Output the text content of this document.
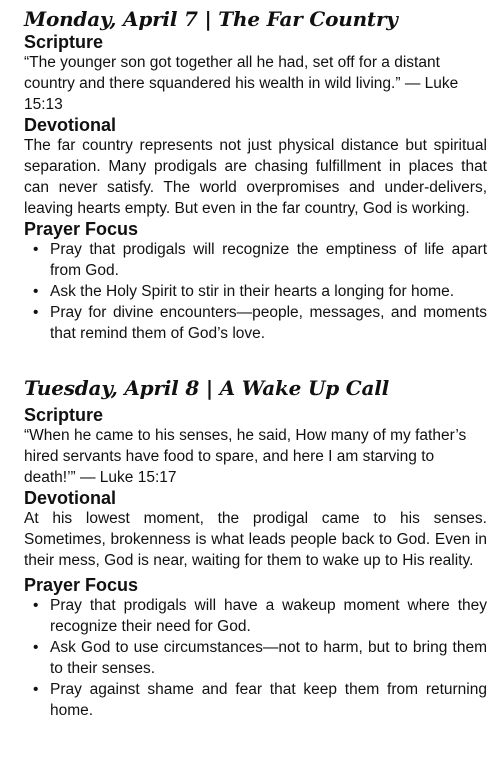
Monday, April 7 | The Far Country
Scripture

“The younger son got together all he had, set off for a distant country and there squandered his wealth in wild living.” — Luke 15:13

Devotional

The far country represents not just physical distance but spiritual separation. Many prodigals are chasing fulfillment in places that can never satisfy. The world overpromises and under-delivers, leaving hearts empty. But even in the far country, God is working.

Prayer Focus
• Pray that prodigals will recognize the emptiness of life apart from God.
• Ask the Holy Spirit to stir in their hearts a longing for home.
• Pray for divine encounters—people, messages, and moments that remind them of God’s love.
Tuesday, April 8 | A Wake Up Call
Scripture

“When he came to his senses, he said, How many of my father’s hired servants have food to spare, and here I am starving to death!’” — Luke 15:17

Devotional

At his lowest moment, the prodigal came to his senses. Sometimes, brokenness is what leads people back to God. Even in their mess, God is near, waiting for them to wake up to His reality.

Prayer Focus
• Pray that prodigals will have a wakeup moment where they recognize their need for God.
• Ask God to use circumstances—not to harm, but to bring them to their senses.
• Pray against shame and fear that keep them from returning home.
